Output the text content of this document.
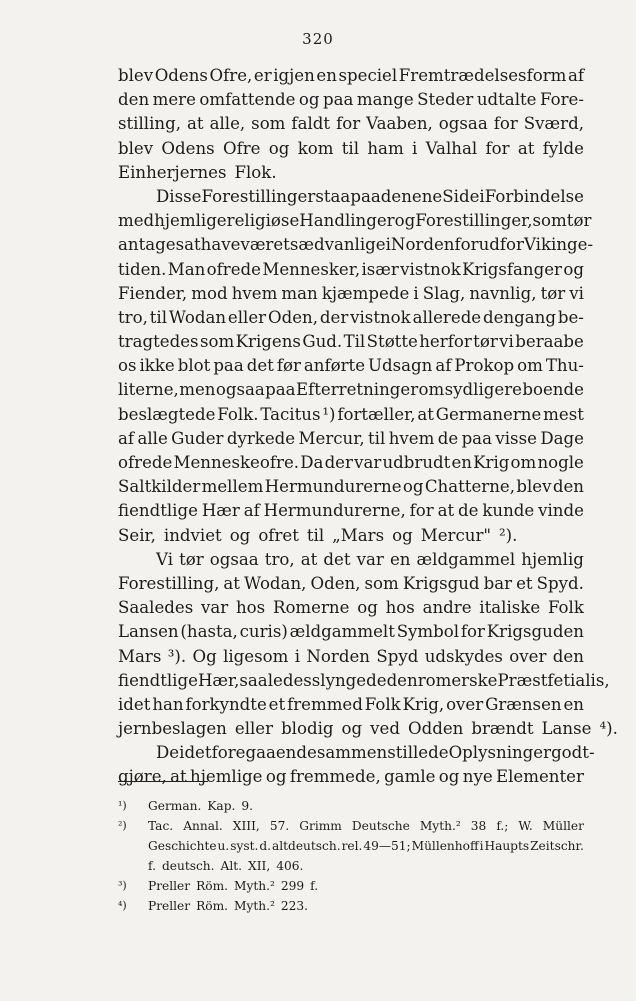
320
blev Odens Ofre, er igjen en speciel Fremtrædelsesform af
den mere omfattende og paa mange Steder udtalte Fore-
stilling, at alle, som faldt for Vaaben, ogsaa for Sværd,
blev Odens Ofre og kom til ham i Valhal for at fylde
Einherjernes Flok.
Disse Forestillinger staa paa den ene Side i Forbindelse
med hjemlige religiøse Handlinger og Forestillinger, som tør
antages at have været sædvanlige i Norden forud for Vikinge-
tiden. Man ofrede Mennesker, især vistnok Krigsfanger og
Fiender, mod hvem man kjæmpede i Slag, navnlig, tør vi
tro, til Wodan eller Oden, der vistnok allerede dengang be-
tragtedes som Krigens Gud. Til Støtte herfor tør vi beraabe
os ikke blot paa det før anførte Udsagn af Prokop om Thu-
literne, men ogsaa paa Efterretninger om sydligere boende
beslægtede Folk. Tacitus ¹) fortæller, at Germanerne mest
af alle Guder dyrkede Mercur, til hvem de paa visse Dage
ofrede Menneskeofre. Da der var udbrudt en Krig om nogle
Saltkilder mellem Hermundurerne og Chatterne, blev den
fiendtlige Hær af Hermundurerne, for at de kunde vinde
Seir, indviet og ofret til „Mars og Mercur" ²).
Vi tør ogsaa tro, at det var en ældgammel hjemlig
Forestilling, at Wodan, Oden, som Krigsgud bar et Spyd.
Saaledes var hos Romerne og hos andre italiske Folk
Lansen (hasta, curis) ældgammelt Symbol for Krigsguden
Mars ³). Og ligesom i Norden Spyd udskydes over den
fiendtlige Hær, saaledes slyngede den romerske Præst fetialis,
idet han forkyndte et fremmed Folk Krig, over Grænsen en
jernbeslagen eller blodig og ved Odden brændt Lanse ⁴).
De i det foregaaende sammenstillede Oplysninger godt-
gjøre, at hjemlige og fremmede, gamle og nye Elementer
¹)	German. Kap. 9.
²)	Tac. Annal. XIII, 57. Grimm Deutsche Myth.² 38 f.; W. Müller
Geschichte u. syst. d. altdeutsch. rel. 49—51; Müllenhoff i Haupts Zeitschr.
f. deutsch. Alt. XII, 406.
³)	Preller Röm. Myth.² 299 f.
⁴)	Preller Röm. Myth.² 223.
